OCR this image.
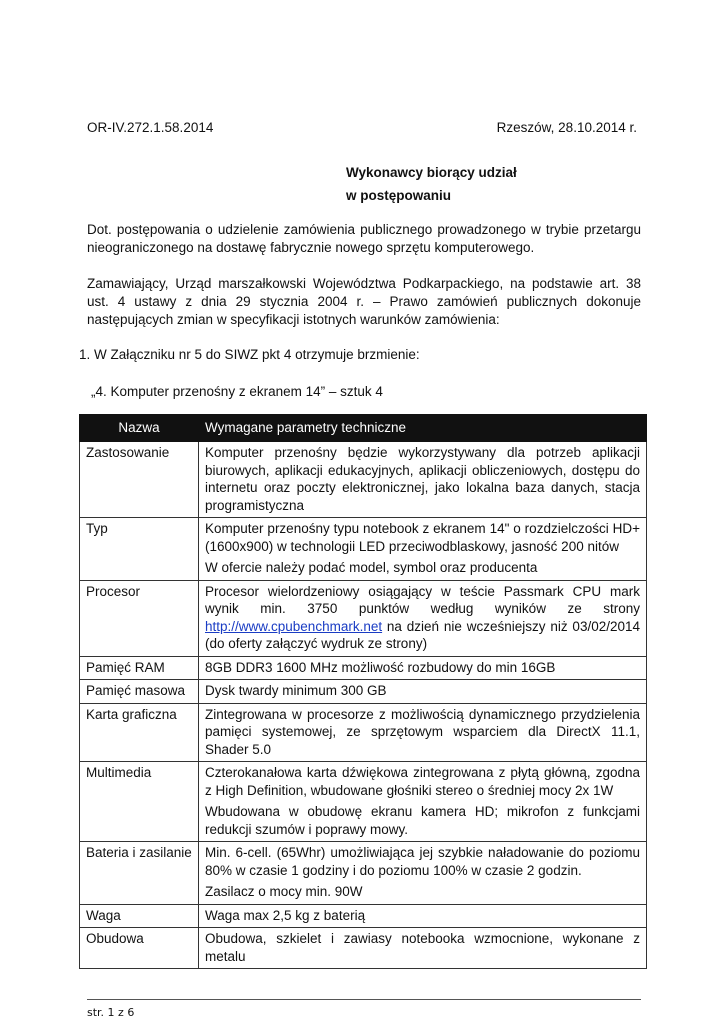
OR-IV.272.1.58.2014	Rzeszów, 28.10.2014 r.
Wykonawcy biorący udział
w postępowaniu
Dot. postępowania o udzielenie zamówienia publicznego prowadzonego w trybie przetargu nieograniczonego na dostawę fabrycznie nowego sprzętu komputerowego.
Zamawiający, Urząd marszałkowski Województwa Podkarpackiego, na podstawie art. 38 ust. 4 ustawy z dnia 29 stycznia 2004 r. – Prawo zamówień publicznych dokonuje następujących zmian w specyfikacji istotnych warunków zamówienia:
1. W Załączniku nr 5 do SIWZ pkt 4 otrzymuje brzmienie:
„4. Komputer przenośny z ekranem 14” – sztuk 4
Nazwa	Wymagane parametry techniczne
Zastosowanie	Komputer przenośny będzie wykorzystywany dla potrzeb aplikacji biurowych, aplikacji edukacyjnych, aplikacji obliczeniowych, dostępu do internetu oraz poczty elektronicznej, jako lokalna baza danych, stacja programistyczna

Typ	Komputer przenośny typu notebook z ekranem 14" o rozdzielczości HD+ (1600x900) w technologii LED przeciwodblaskowy, jasność 200 nitów
W ofercie należy podać model, symbol oraz producenta

Procesor	Procesor wielordzeniowy osiągający w teście Passmark CPU mark wynik min. 3750 punktów według wyników ze strony http://www.cpubenchmark.net na dzień nie wcześniejszy niż 03/02/2014 (do oferty załączyć wydruk ze strony)

Pamięć RAM	8GB DDR3 1600 MHz możliwość rozbudowy do min 16GB

Pamięć masowa	Dysk twardy minimum 300 GB

Karta graficzna	Zintegrowana w procesorze z możliwością dynamicznego przydzielenia pamięci systemowej, ze sprzętowym wsparciem dla DirectX 11.1, Shader 5.0

Multimedia	Czterokanałowa karta dźwiękowa zintegrowana z płytą główną, zgodna z High Definition, wbudowane głośniki stereo o średniej mocy 2x 1W
Wbudowana w obudowę ekranu kamera HD; mikrofon z funkcjami redukcji szumów i poprawy mowy.

Bateria i zasilanie	Min. 6-cell. (65Whr) umożliwiająca jej szybkie naładowanie do poziomu 80% w czasie 1 godziny i do poziomu 100% w czasie 2 godzin.
Zasilacz o mocy min. 90W

Waga	Waga max 2,5 kg z baterią

Obudowa	Obudowa, szkielet i zawiasy notebooka wzmocnione, wykonane z metalu
str. 1 z 6
